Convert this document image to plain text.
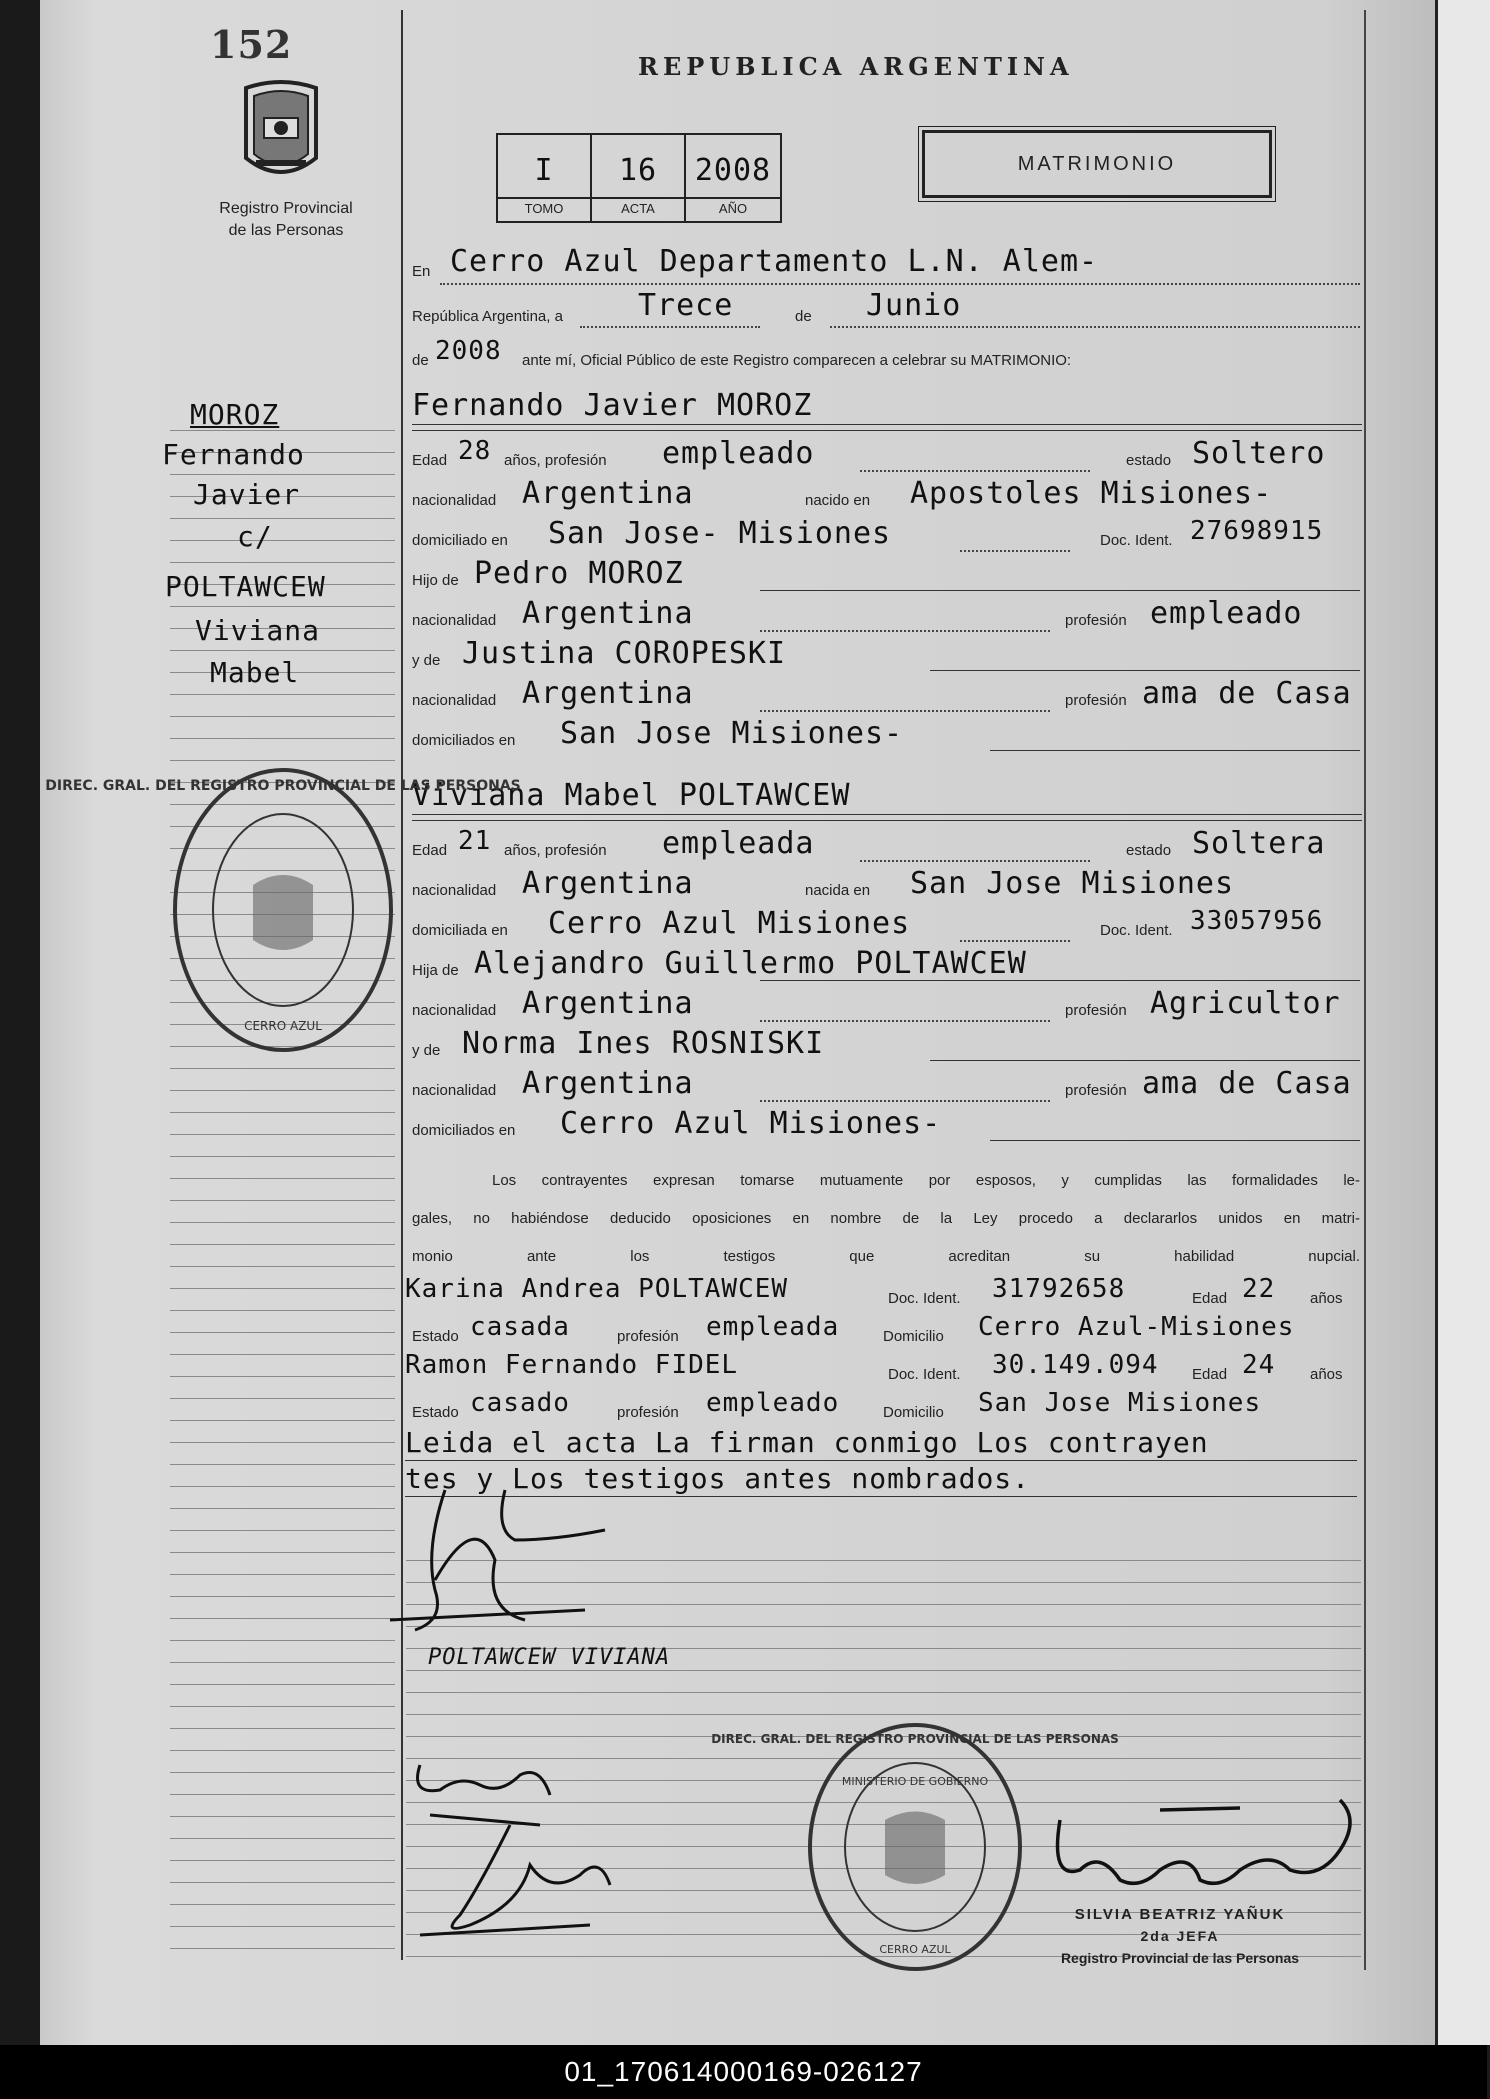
152
Registro Provincial
de las Personas
REPUBLICA ARGENTINA
I	16	2008
TOMO	ACTA	AÑO
MATRIMONIO
MOROZ
Fernando
Javier
c/
POLTAWCEW
Viviana
Mabel
En Cerro Azul Departamento L.N. Alem-
República Argentina, a	Trece	de Junio
de 2008 ante mí, Oficial Público de este Registro comparecen a celebrar su MATRIMONIO:
Fernando Javier MOROZ
Edad 28 años, profesión empleado	estado Soltero
nacionalidad Argentina	nacido en Apostoles Misiones-
domiciliado en San Jose- Misiones	Doc. Ident. 27698915
Hijo de Pedro MOROZ
nacionalidad Argentina	profesión empleado
y de Justina COROPESKI
nacionalidad Argentina	profesión ama de Casa
domiciliados en San Jose Misiones-
Viviana Mabel POLTAWCEW
Edad 21 años, profesión empleada	estado Soltera
nacionalidad Argentina	nacida en San Jose Misiones
domiciliada en Cerro Azul Misiones	Doc. Ident. 33057956
Hija de Alejandro Guillermo POLTAWCEW
nacionalidad Argentina	profesión Agricultor
y de Norma Ines ROSNISKI
nacionalidad Argentina	profesión ama de Casa
domiciliados en Cerro Azul Misiones-
Los contrayentes expresan tomarse mutuamente por esposos, y cumplidas las formalidades le-
gales, no habiéndose deducido oposiciones en nombre de la Ley procedo a declararlos unidos en matri-
monio ante los testigos que acreditan su habilidad nupcial.
Karina Andrea POLTAWCEW	Doc. Ident. 31792658	Edad 22 años
Estado casada	profesión empleada	Domicilio Cerro Azul-Misiones
Ramon Fernando FIDEL	Doc. Ident. 30.149.094 Edad 24 años
Estado casado	profesión empleado	Domicilio San Jose Misiones
Leida el acta La firman conmigo Los contrayen
tes y Los testigos antes nombrados.
DIREC. GRAL. DEL REGISTRO PROVINCIAL DE LAS PERSONAS
CERRO AZUL
DIREC. GRAL. DEL REGISTRO PROVINCIAL DE LAS PERSONAS
MINISTERIO DE GOBIERNO
CERRO AZUL
POLTAWCEW VIVIANA
SILVIA BEATRIZ YAÑUK
2da JEFA
Registro Provincial de las Personas
01_170614000169-026127
